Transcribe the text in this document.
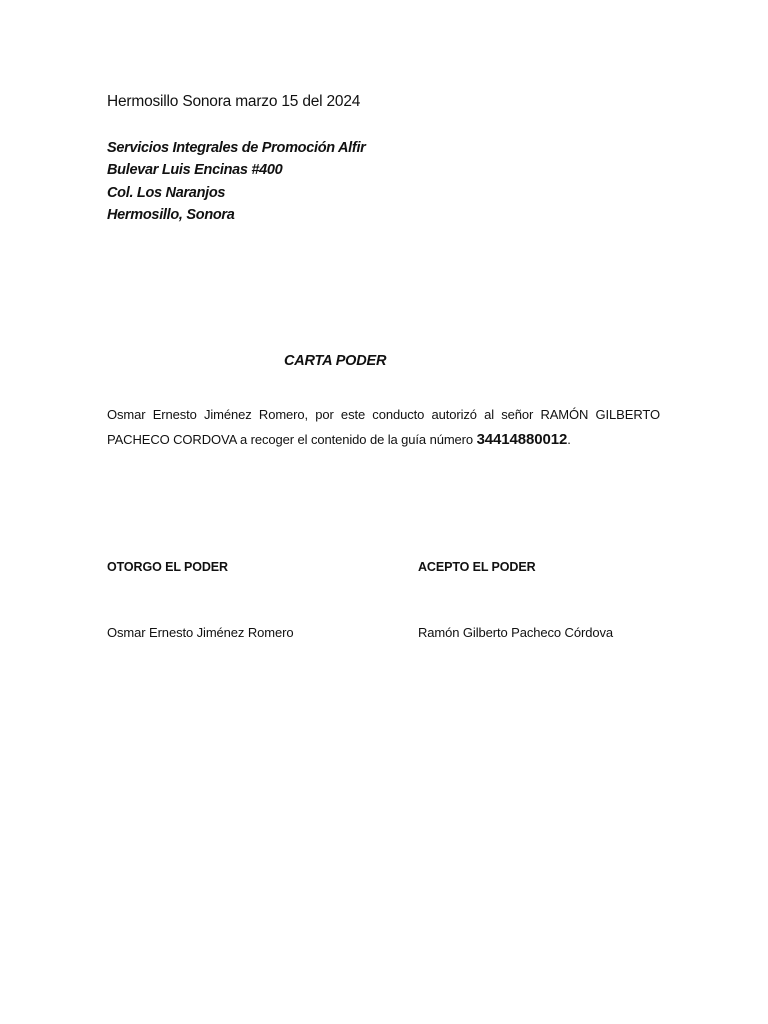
Hermosillo Sonora marzo 15 del 2024
Servicios Integrales de Promoción Alfir
Bulevar Luis Encinas #400
Col. Los Naranjos
Hermosillo, Sonora
CARTA PODER
Osmar Ernesto Jiménez Romero, por este conducto autorizó al señor RAMÓN GILBERTO PACHECO CORDOVA a recoger el contenido de la guía número 34414880012.
OTORGO EL PODER	ACEPTO EL PODER
Osmar Ernesto Jiménez Romero	Ramón Gilberto Pacheco Córdova
